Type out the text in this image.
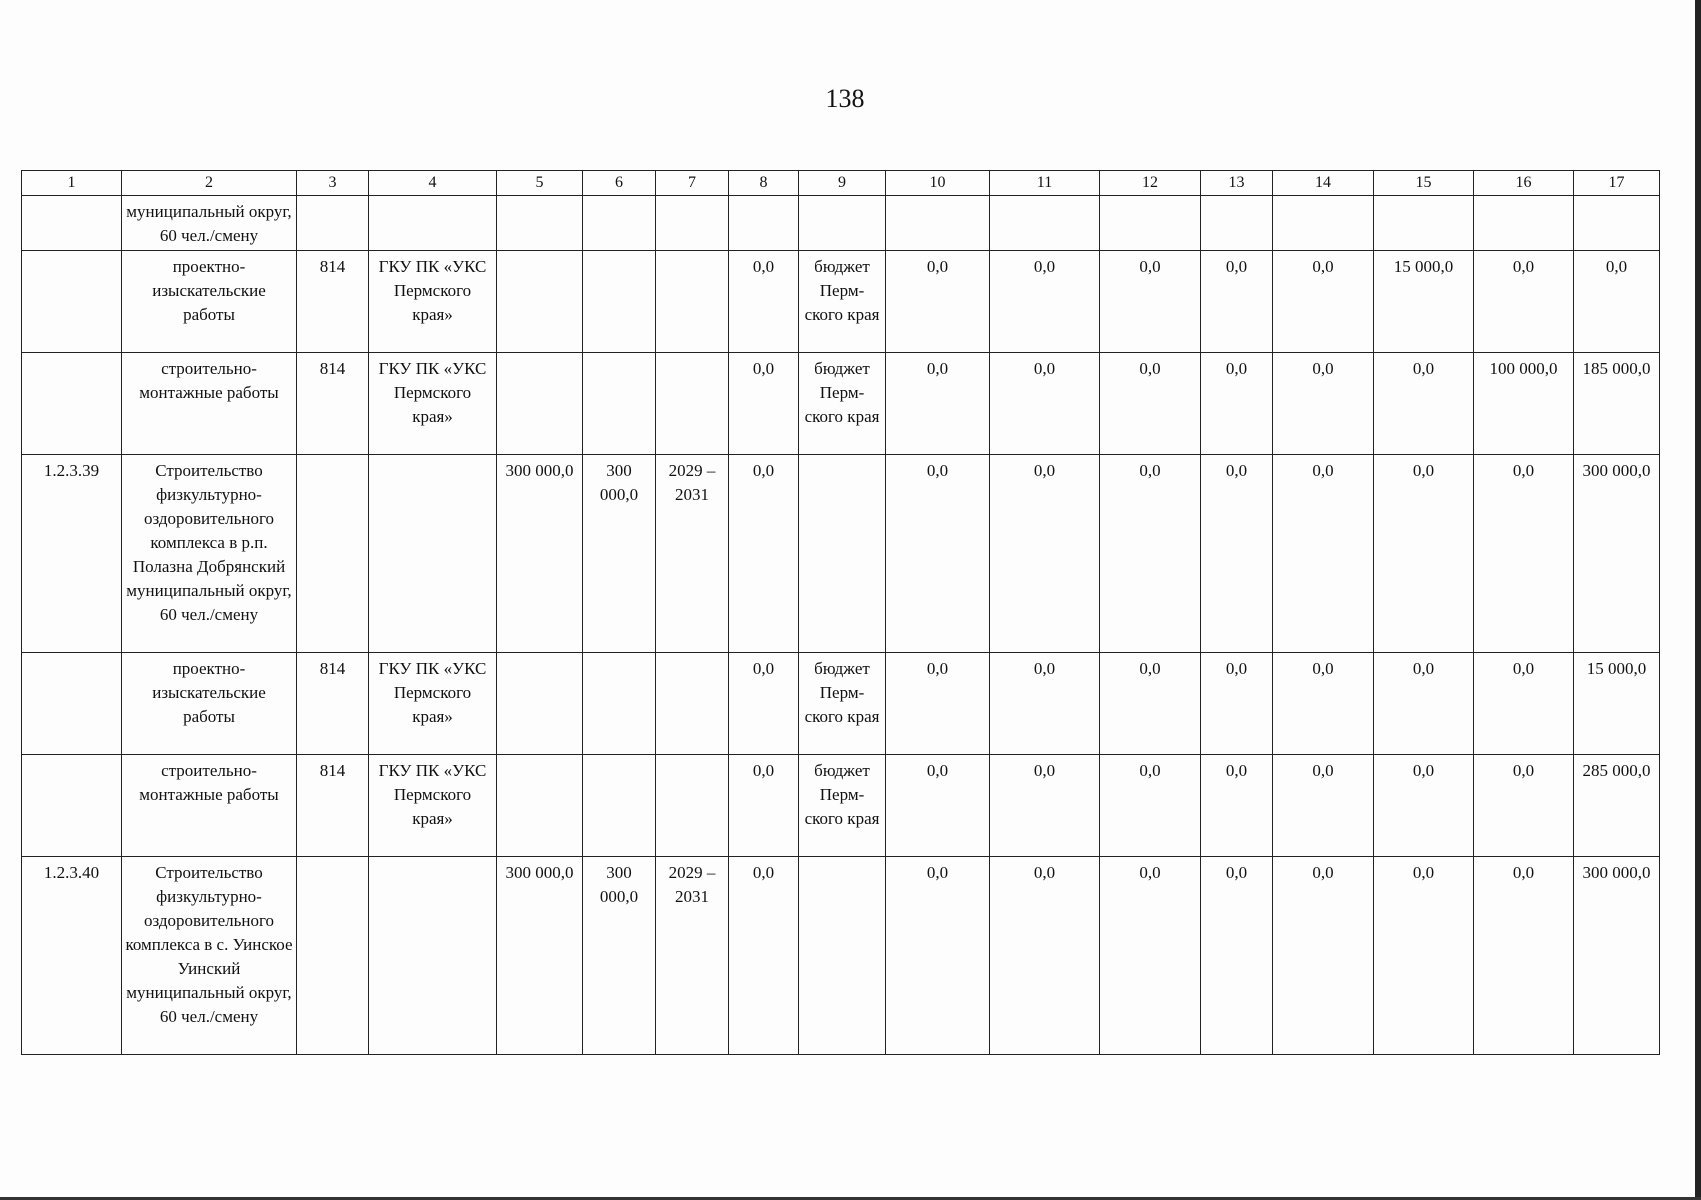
138
1	2	3	4	5	6	7	8	9	10	11	12	13	14	15	16	17
	муниципальный округ, 60 чел./смену															
	проектно-изыскательские работы	814	ГКУ ПК «УКС Пермского края»				0,0	бюджет Перм-ского края	0,0	0,0	0,0	0,0	0,0	15 000,0	0,0	0,0
	строительно-монтажные работы	814	ГКУ ПК «УКС Пермского края»				0,0	бюджет Перм-ского края	0,0	0,0	0,0	0,0	0,0	0,0	100 000,0	185 000,0
1.2.3.39	Строительство физкультурно-оздоровительного комплекса в р.п. Полазна Добрянский муниципальный округ, 60 чел./смену			300 000,0	300 000,0	2029 – 2031	0,0		0,0	0,0	0,0	0,0	0,0	0,0	0,0	300 000,0
	проектно-изыскательские работы	814	ГКУ ПК «УКС Пермского края»				0,0	бюджет Перм-ского края	0,0	0,0	0,0	0,0	0,0	0,0	0,0	15 000,0
	строительно-монтажные работы	814	ГКУ ПК «УКС Пермского края»				0,0	бюджет Перм-ского края	0,0	0,0	0,0	0,0	0,0	0,0	0,0	285 000,0
1.2.3.40	Строительство физкультурно-оздоровительного комплекса в с. Уинское Уинский муниципальный округ, 60 чел./смену			300 000,0	300 000,0	2029 – 2031	0,0		0,0	0,0	0,0	0,0	0,0	0,0	0,0	300 000,0
